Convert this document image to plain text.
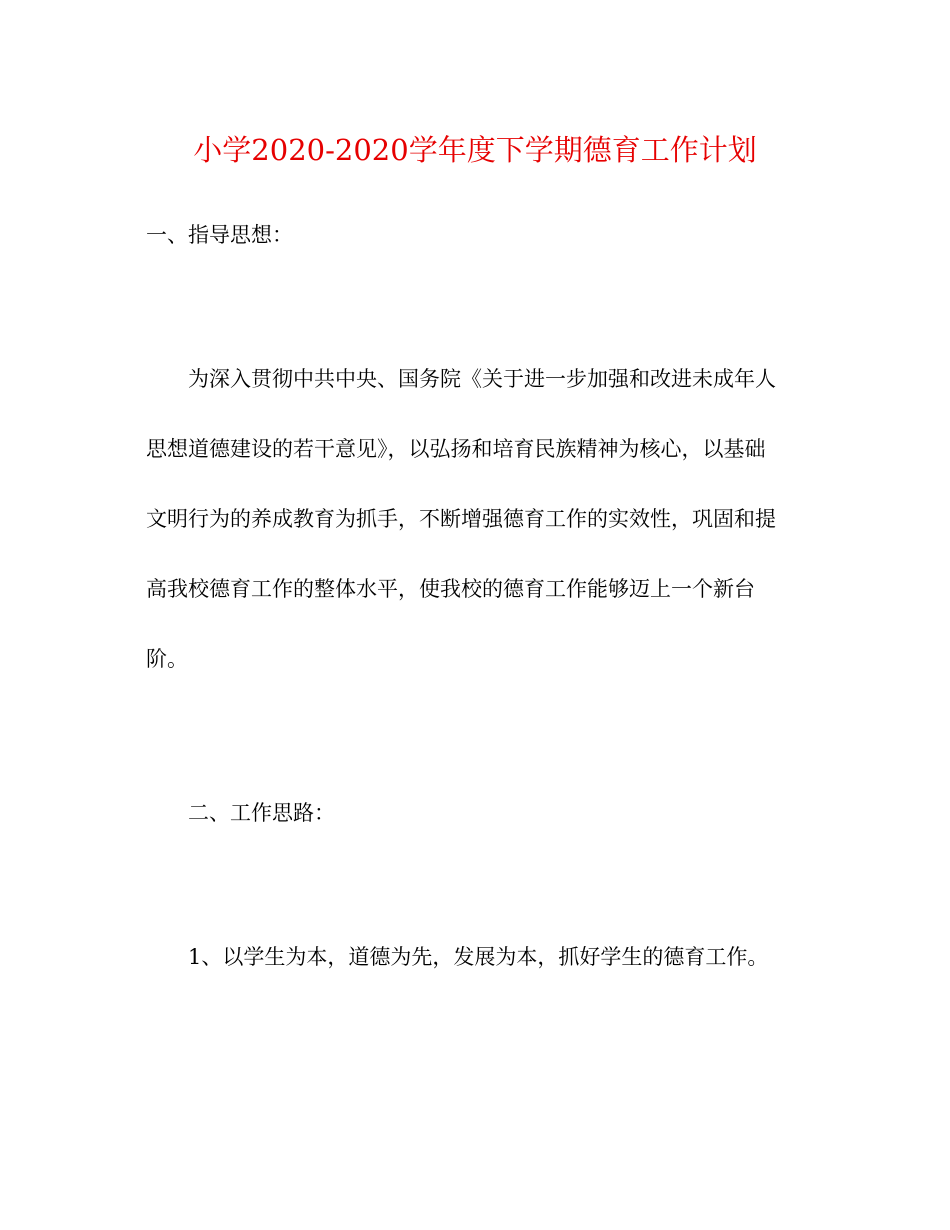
小学2020-2020学年度下学期德育工作计划
一、指导思想：
为深入贯彻中共中央、国务院《关于进一步加强和改进未成年人
思想道德建设的若干意见》，以弘扬和培育民族精神为核心，以基础
文明行为的养成教育为抓手，不断增强德育工作的实效性，巩固和提
高我校德育工作的整体水平，使我校的德育工作能够迈上一个新台
阶。
二、工作思路：
1、以学生为本，道德为先，发展为本，抓好学生的德育工作。
